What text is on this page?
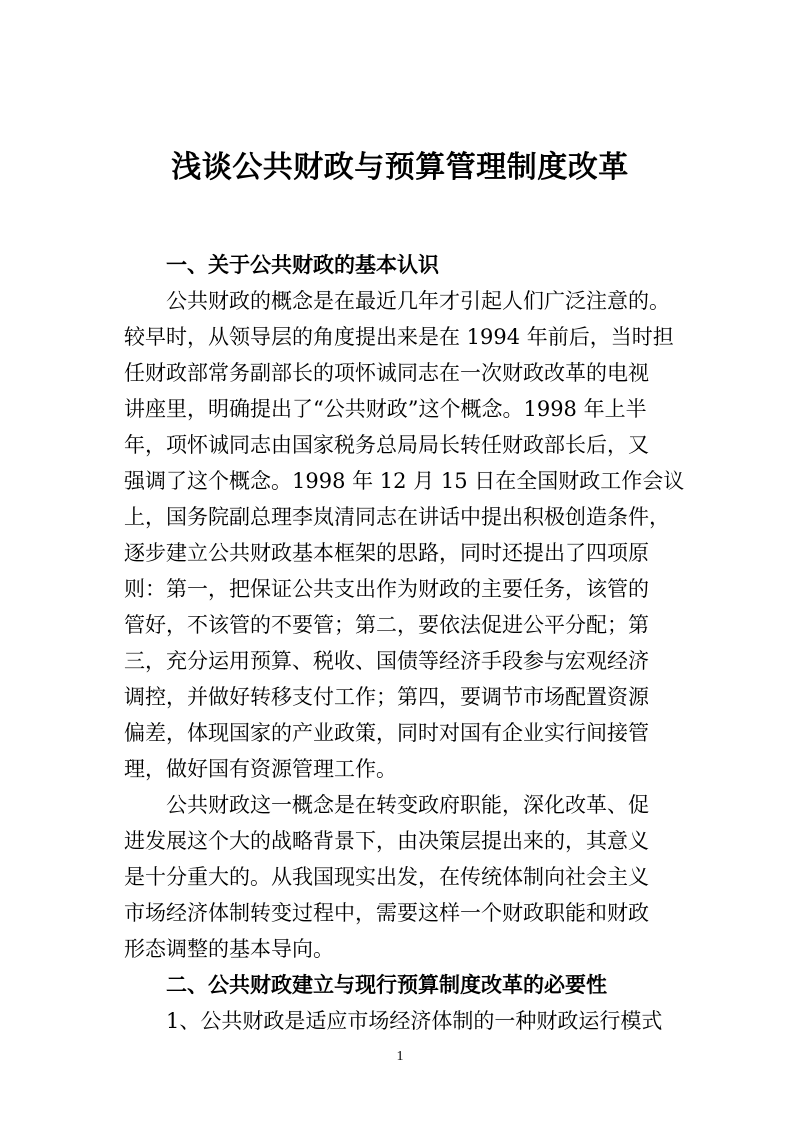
浅谈公共财政与预算管理制度改革
一、关于公共财政的基本认识
公共财政的概念是在最近几年才引起人们广泛注意的。
较早时，从领导层的角度提出来是在 1994 年前后，当时担
任财政部常务副部长的项怀诚同志在一次财政改革的电视
讲座里，明确提出了“公共财政”这个概念。1998 年上半
年，项怀诚同志由国家税务总局局长转任财政部长后，又
强调了这个概念。1998 年 12 月 15 日在全国财政工作会议
上，国务院副总理李岚清同志在讲话中提出积极创造条件，
逐步建立公共财政基本框架的思路，同时还提出了四项原
则：第一，把保证公共支出作为财政的主要任务，该管的
管好，不该管的不要管；第二，要依法促进公平分配；第
三，充分运用预算、税收、国债等经济手段参与宏观经济
调控，并做好转移支付工作；第四，要调节市场配置资源
偏差，体现国家的产业政策，同时对国有企业实行间接管
理，做好国有资源管理工作。
公共财政这一概念是在转变政府职能，深化改革、促
进发展这个大的战略背景下，由决策层提出来的，其意义
是十分重大的。从我国现实出发，在传统体制向社会主义
市场经济体制转变过程中，需要这样一个财政职能和财政
形态调整的基本导向。
二、公共财政建立与现行预算制度改革的必要性
1、公共财政是适应市场经济体制的一种财政运行模式
1
